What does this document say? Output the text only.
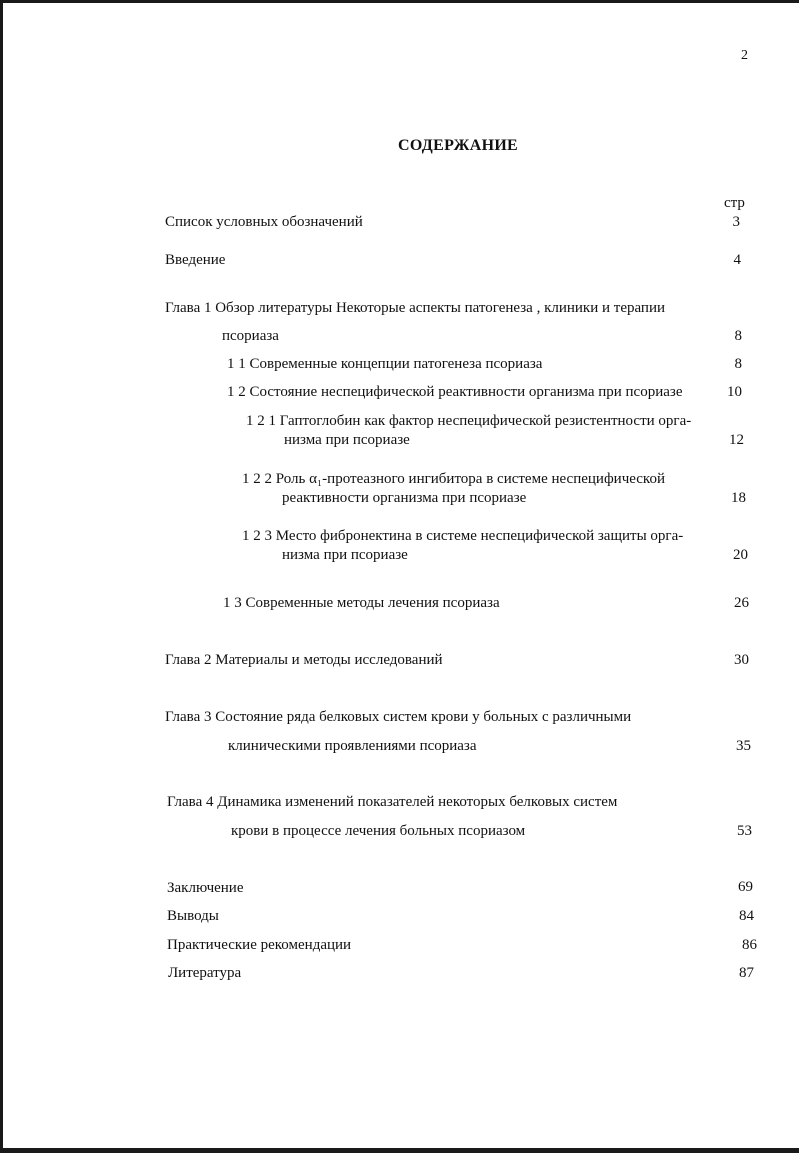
2
СОДЕРЖАНИЕ
стр
Список условных обозначений	3
Введение	4
Глава 1 Обзор литературы Некоторые аспекты патогенеза , клиники и терапии
псориаза	8
1 1 Современные концепции патогенеза псориаза	8
1 2 Состояние неспецифической реактивности организма при псориазе	10
1 2 1 Гаптоглобин как фактор неспецифической резистентности орга-
низма при псориазе	12
1 2 2 Роль α₁-протеазного ингибитора в системе неспецифической
реактивности организма при псориазе	18
1 2 3 Место фибронектина в системе неспецифической защиты орга-
низма при псориазе	20
1 3 Современные методы лечения псориаза	26
Глава 2 Материалы и методы исследований	30
Глава 3 Состояние ряда белковых систем крови у больных с различными
клиническими проявлениями псориаза	35
Глава 4 Динамика изменений показателей некоторых белковых систем
крови в процессе лечения больных псориазом	53
Заключение	69
Выводы	84
Практические рекомендации	86
Литература	87
